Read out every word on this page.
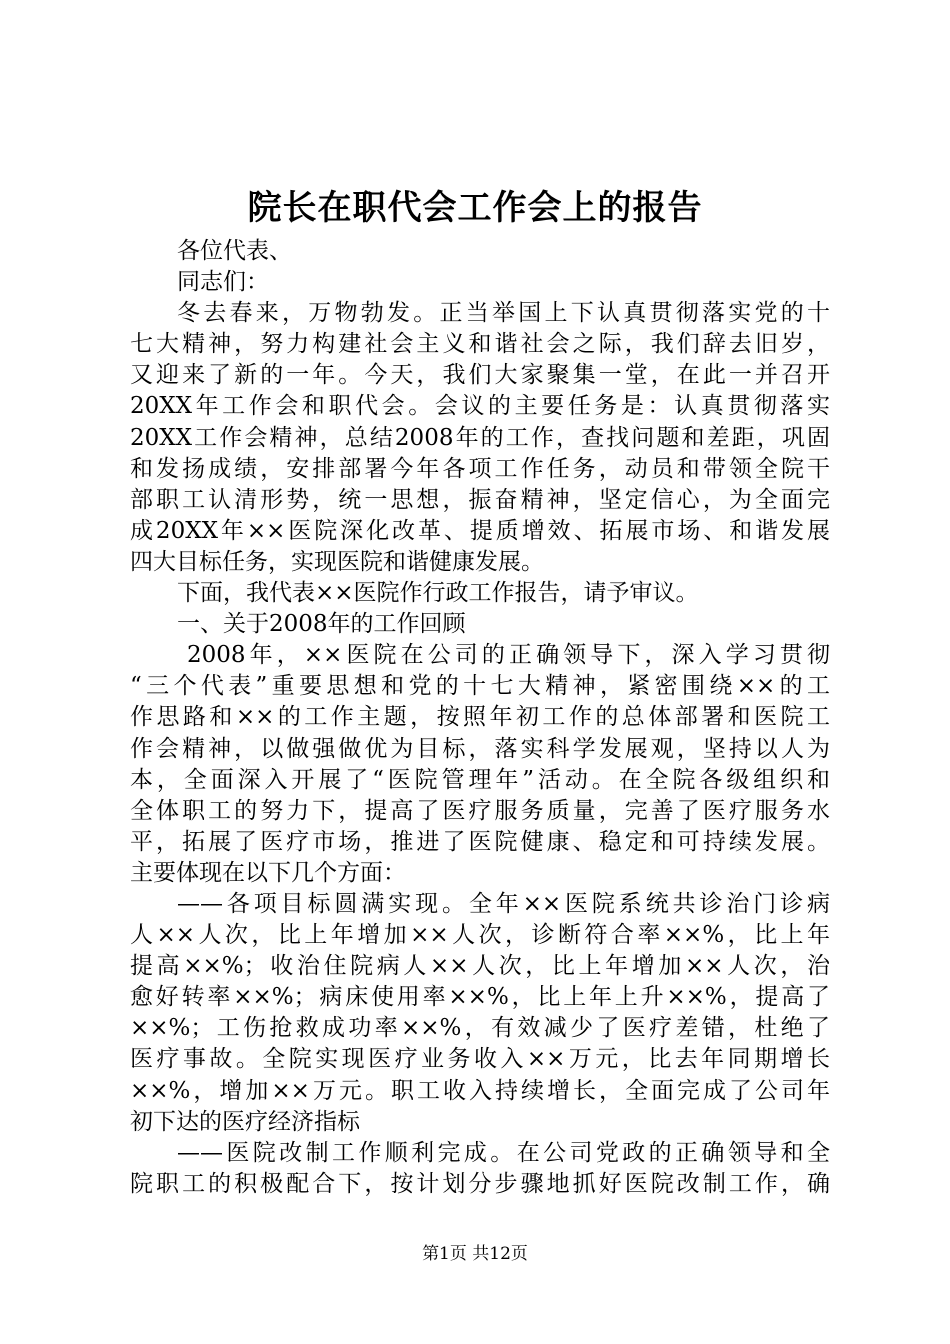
院长在职代会工作会上的报告
各位代表、
同志们：
冬去春来，万物勃发。正当举国上下认真贯彻落实党的十
七大精神，努力构建社会主义和谐社会之际，我们辞去旧岁，
又迎来了新的一年。今天，我们大家聚集一堂，在此一并召开
20XX年工作会和职代会。会议的主要任务是：认真贯彻落实
20XX工作会精神，总结2008年的工作，查找问题和差距，巩固
和发扬成绩，安排部署今年各项工作任务，动员和带领全院干
部职工认清形势，统一思想，振奋精神，坚定信心，为全面完
成20XX年××医院深化改革、提质增效、拓展市场、和谐发展
四大目标任务，实现医院和谐健康发展。
下面，我代表××医院作行政工作报告，请予审议。
一、关于2008年的工作回顾
2008年，××医院在公司的正确领导下，深入学习贯彻
“三个代表”重要思想和党的十七大精神，紧密围绕××的工
作思路和××的工作主题，按照年初工作的总体部署和医院工
作会精神，以做强做优为目标，落实科学发展观，坚持以人为
本，全面深入开展了“医院管理年”活动。在全院各级组织和
全体职工的努力下，提高了医疗服务质量，完善了医疗服务水
平，拓展了医疗市场，推进了医院健康、稳定和可持续发展。
主要体现在以下几个方面：
——各项目标圆满实现。全年××医院系统共诊治门诊病
人××人次，比上年增加××人次，诊断符合率××%，比上年
提高××%；收治住院病人××人次，比上年增加××人次，治
愈好转率××%；病床使用率××%，比上年上升××%，提高了
××%；工伤抢救成功率××%，有效减少了医疗差错，杜绝了
医疗事故。全院实现医疗业务收入××万元，比去年同期增长
××%，增加××万元。职工收入持续增长，全面完成了公司年
初下达的医疗经济指标
——医院改制工作顺利完成。在公司党政的正确领导和全
院职工的积极配合下，按计划分步骤地抓好医院改制工作，确
第1页 共12页
